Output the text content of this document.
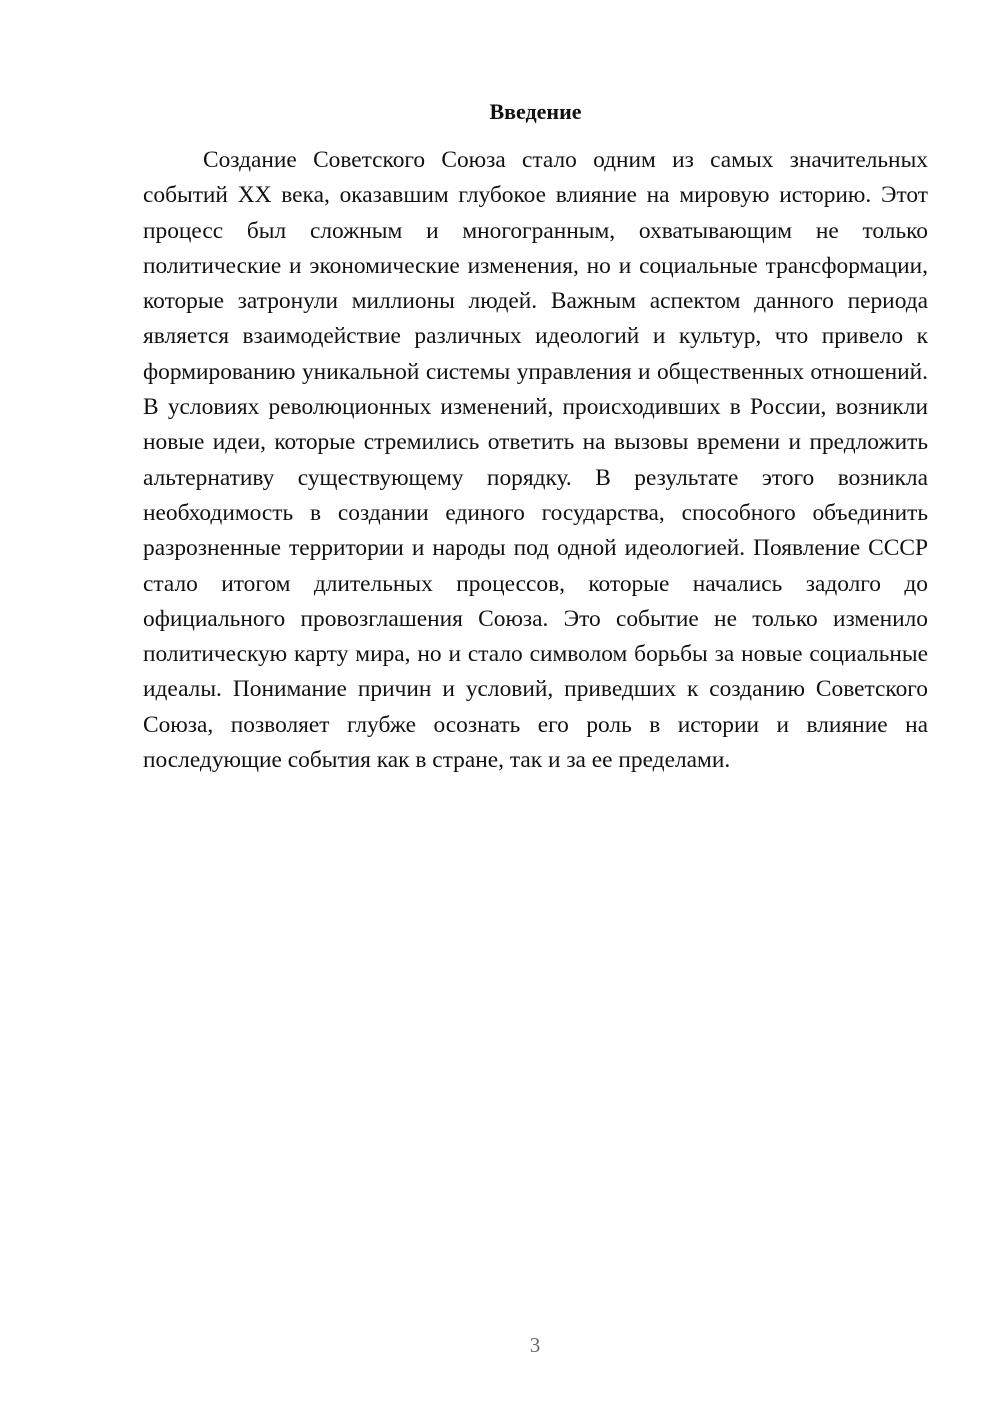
Введение

Создание Советского Союза стало одним из самых значительных событий XX века, оказавшим глубокое влияние на мировую историю. Этот процесс был сложным и многогранным, охватывающим не только политические и экономические изменения, но и социальные трансформации, которые затронули миллионы людей. Важным аспектом данного периода является взаимодействие различных идеологий и культур, что привело к формированию уникальной системы управления и общественных отношений. В условиях революционных изменений, происходивших в России, возникли новые идеи, которые стремились ответить на вызовы времени и предложить альтернативу существующему порядку. В результате этого возникла необходимость в создании единого государства, способного объединить разрозненные территории и народы под одной идеологией. Появление СССР стало итогом длительных процессов, которые начались задолго до официального провозглашения Союза. Это событие не только изменило политическую карту мира, но и стало символом борьбы за новые социальные идеалы. Понимание причин и условий, приведших к созданию Советского Союза, позволяет глубже осознать его роль в истории и влияние на последующие события как в стране, так и за ее пределами.

3
